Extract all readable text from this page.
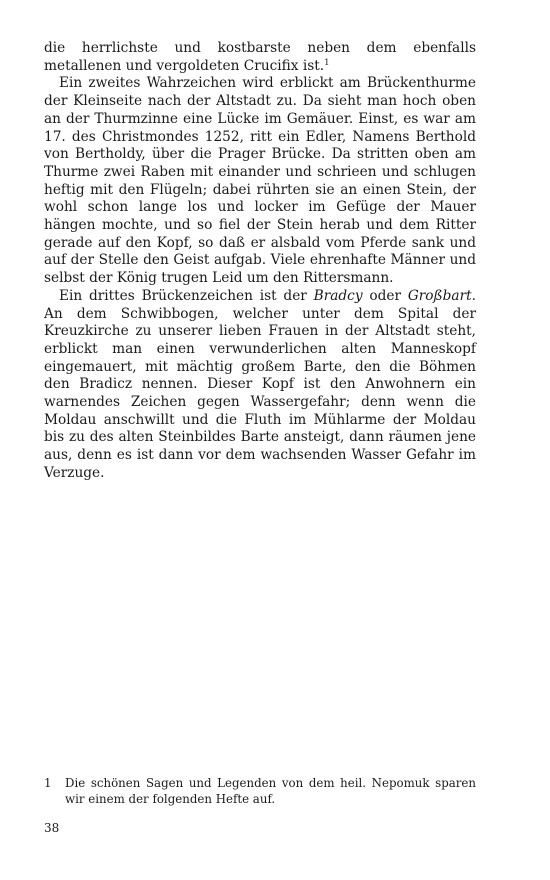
die herrlichste und kostbarste neben dem ebenfalls metallenen und vergoldeten Crucifix ist.$^1$

Ein zweites Wahrzeichen wird erblickt am Brückenthurme der Kleinseite nach der Altstadt zu. Da sieht man hoch oben an der Thurmzinne eine Lücke im Gemäuer. Einst, es war am 17. des Christmondes 1252, ritt ein Edler, Namens Berthold von Bertholdy, über die Prager Brücke. Da stritten oben am Thurme zwei Raben mit einander und schrieen und schlugen heftig mit den Flügeln; dabei rührten sie an einen Stein, der wohl schon lange los und locker im Gefüge der Mauer hängen mochte, und so fiel der Stein herab und dem Ritter gerade auf den Kopf, so daß er alsbald vom Pferde sank und auf der Stelle den Geist aufgab. Viele ehrenhafte Männer und selbst der König trugen Leid um den Rittersmann.

Ein drittes Brückenzeichen ist der Bradcy oder Großbart. An dem Schwibbogen, welcher unter dem Spital der Kreuzkirche zu unserer lieben Frauen in der Altstadt steht, erblickt man einen verwunderlichen alten Manneskopf eingemauert, mit mächtig großem Barte, den die Böhmen den Bradicz nennen. Dieser Kopf ist den Anwohnern ein warnendes Zeichen gegen Wassergefahr; denn wenn die Moldau anschwillt und die Fluth im Mühlarme der Moldau bis zu des alten Steinbildes Barte ansteigt, dann räumen jene aus, denn es ist dann vor dem wachsenden Wasser Gefahr im Verzuge.

1 Die schönen Sagen und Legenden von dem heil. Nepomuk sparen wir einem der folgenden Hefte auf.
38
